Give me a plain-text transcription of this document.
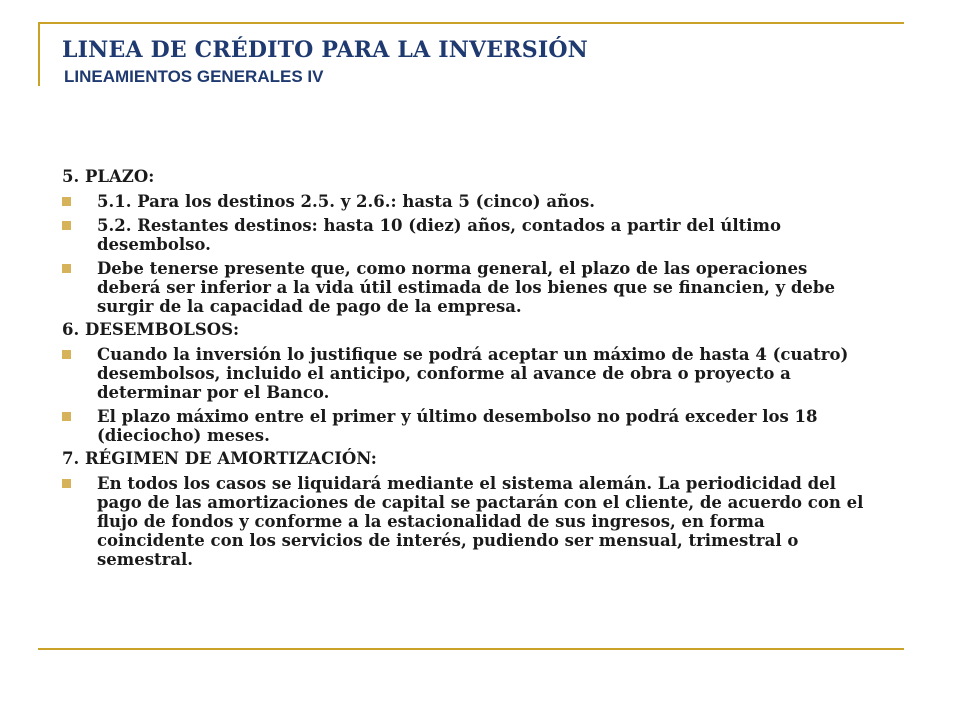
LINEA DE CRÉDITO PARA LA INVERSIÓN
LINEAMIENTOS GENERALES IV
5. PLAZO:
5.1. Para los destinos 2.5. y 2.6.: hasta 5 (cinco) años.
5.2. Restantes destinos: hasta 10 (diez) años, contados a partir del último desembolso.
Debe tenerse presente que, como norma general, el plazo de las operaciones deberá ser inferior a la vida útil estimada de los bienes que se financien, y debe surgir de la capacidad de pago de la empresa.
6. DESEMBOLSOS:
Cuando la inversión lo justifique se podrá aceptar un máximo de hasta 4 (cuatro) desembolsos, incluido el anticipo, conforme al avance de obra o proyecto a determinar por el Banco.
El plazo máximo entre el primer y último desembolso no podrá exceder los 18 (dieciocho) meses.
7. RÉGIMEN DE AMORTIZACIÓN:
En todos los casos se liquidará mediante el sistema alemán. La periodicidad del pago de las amortizaciones de capital se pactarán con el cliente, de acuerdo con el flujo de fondos y conforme a la estacionalidad de sus ingresos, en forma coincidente con los servicios de interés, pudiendo ser mensual, trimestral o semestral.
